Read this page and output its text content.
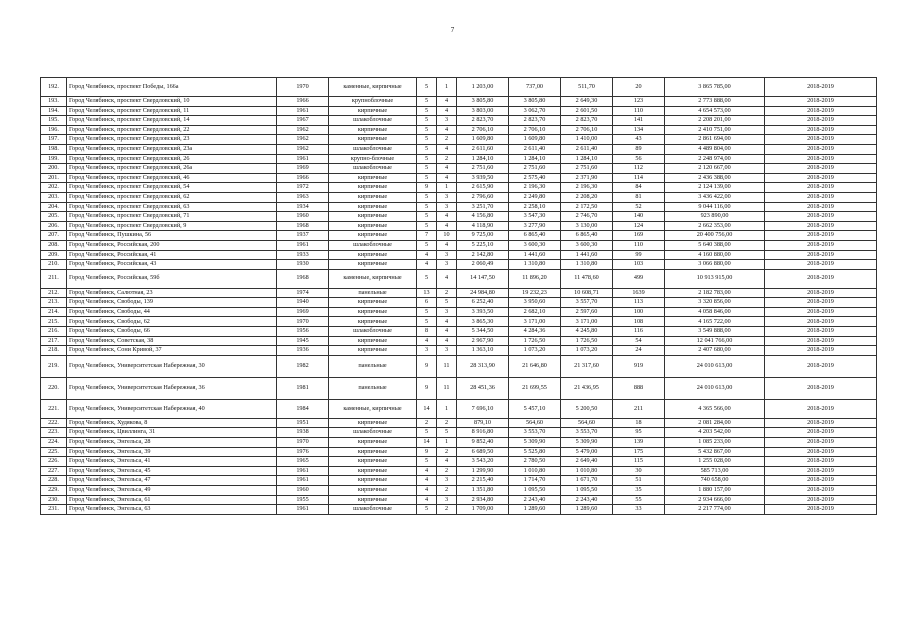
7
192.	Город Челябинск, проспект Победы, 166а	1970	каменные, кирпичные	5	1	1 203,00	737,00	511,70	20	3 865 785,00	2018-2019
193.	Город Челябинск, проспект Свердловский, 10	1966	крупноблочные	5	4	3 805,80	3 805,80	2 649,30	123	2 773 888,00	2018-2019
194.	Город Челябинск, проспект Свердловский, 11	1961	кирпичные	5	4	3 803,00	3 062,70	2 601,50	110	4 654 573,00	2018-2019
195.	Город Челябинск, проспект Свердловский, 14	1967	шлакоблочные	5	3	2 823,70	2 823,70	2 823,70	141	2 208 201,00	2018-2019
196.	Город Челябинск, проспект Свердловский, 22	1962	кирпичные	5	4	2 706,10	2 706,10	2 706,10	134	2 410 751,00	2018-2019
197.	Город Челябинск, проспект Свердловский, 23	1962	кирпичные	5	2	1 609,80	1 609,80	1 410,00	43	2 861 694,00	2018-2019
198.	Город Челябинск, проспект Свердловский, 23а	1962	шлакоблочные	5	4	2 611,60	2 611,40	2 611,40	89	4 489 804,00	2018-2019
199.	Город Челябинск, проспект Свердловский, 26	1961	крупно-блочные	5	2	1 284,10	1 284,10	1 284,10	56	2 248 974,00	2018-2019
200.	Город Челябинск, проспект Свердловский, 26а	1969	шлакоблочные	5	4	2 751,60	2 751,60	2 751,60	112	2 120 667,00	2018-2019
201.	Город Челябинск, проспект Свердловский, 46	1966	кирпичные	5	4	3 939,50	2 575,40	2 371,90	114	2 436 388,00	2018-2019
202.	Город Челябинск, проспект Свердловский, 54	1972	кирпичные	9	1	2 615,90	2 196,30	2 196,30	84	2 124 139,00	2018-2019
203.	Город Челябинск, проспект Свердловский, 62	1963	кирпичные	5	3	2 796,60	2 249,80	2 208,20	81	3 436 422,00	2018-2019
204.	Город Челябинск, проспект Свердловский, 63	1934	кирпичные	5	3	3 251,70	2 258,10	2 172,50	52	9 044 116,00	2018-2019
205.	Город Челябинск, проспект Свердловский, 71	1960	кирпичные	5	4	4 156,80	3 547,30	2 746,70	140	923 890,00	2018-2019
206.	Город Челябинск, проспект Свердловский, 9	1968	кирпичные	5	4	4 118,90	3 277,90	3 130,00	124	2 662 353,00	2018-2019
207.	Город Челябинск, Пушкина, 56	1937	кирпичные	7	10	9 725,00	6 865,40	6 865,40	169	20 400 756,00	2018-2019
208.	Город Челябинск, Российская, 200	1961	шлакоблочные	5	4	5 225,10	3 600,30	3 600,30	110	5 640 388,00	2018-2019
209.	Город Челябинск, Российская, 41	1933	кирпичные	4	3	2 142,80	1 441,60	1 441,60	99	4 160 880,00	2018-2019
210.	Город Челябинск, Российская, 43	1930	кирпичные	4	3	2 060,49	1 310,80	1 310,80	103	3 066 880,00	2018-2019
211.	Город Челябинск, Российская, 59б	1968	каменные, кирпичные	5	4	14 147,50	11 896,20	11 478,60	499	10 913 915,00	2018-2019
212.	Город Челябинск, Салютная, 23	1974	панельные	13	2	24 984,80	19 232,23	10 608,71	1639	2 182 783,00	2018-2019
213.	Город Челябинск, Свободы, 139	1940	кирпичные	6	5	6 252,40	3 950,60	3 557,70	113	3 320 856,00	2018-2019
214.	Город Челябинск, Свободы, 44	1969	кирпичные	5	3	3 393,50	2 682,10	2 597,60	100	4 058 846,00	2018-2019
215.	Город Челябинск, Свободы, 62	1970	кирпичные	5	4	3 865,30	3 171,00	3 171,00	108	4 165 722,00	2018-2019
216.	Город Челябинск, Свободы, 66	1956	шлакоблочные	8	4	5 344,50	4 284,36	4 245,80	116	3 549 888,00	2018-2019
217.	Город Челябинск, Советская, 38	1945	кирпичные	4	4	2 967,90	1 726,50	1 726,50	54	12 041 766,00	2018-2019
218.	Город Челябинск, Сони Кривой, 37	1936	кирпичные	3	3	1 363,10	1 073,20	1 073,20	24	2 407 680,00	2018-2019
219.	Город Челябинск, Университетская Набережная, 30	1982	панельные	9	11	28 313,90	21 646,80	21 317,60	919	24 010 613,00	2018-2019
220.	Город Челябинск, Университетская Набережная, 36	1981	панельные	9	11	28 451,36	21 699,55	21 436,95	888	24 010 613,00	2018-2019
221.	Город Челябинск, Университетская Набережная, 40	1984	каменные, кирпичные	14	1	7 696,10	5 457,10	5 200,50	211	4 365 566,00	2018-2019
222.	Город Челябинск, Худякова, 8	1951	кирпичные	2	2	879,10	564,60	564,60	18	2 081 284,00	2018-2019
223.	Город Челябинск, Цвиллинга, 31	1938	шлакоблочные	5	5	8 916,80	3 553,70	3 553,70	95	4 203 542,00	2018-2019
224.	Город Челябинск, Энгельса, 28	1970	кирпичные	14	1	9 852,40	5 309,90	5 309,90	139	1 085 233,00	2018-2019
225.	Город Челябинск, Энгельса, 39	1976	кирпичные	9	2	6 689,50	5 525,80	5 479,00	175	5 432 867,00	2018-2019
226.	Город Челябинск, Энгельса, 41	1965	кирпичные	5	4	3 543,20	2 780,50	2 649,40	115	1 255 028,00	2018-2019
227.	Город Челябинск, Энгельса, 45	1961	кирпичные	4	2	1 299,90	1 010,80	1 010,80	30	585 713,00	2018-2019
228.	Город Челябинск, Энгельса, 47	1961	кирпичные	4	3	2 215,40	1 714,70	1 671,70	51	740 658,00	2018-2019
229.	Город Челябинск, Энгельса, 49	1960	кирпичные	4	2	1 351,80	1 095,50	1 095,50	35	1 880 157,00	2018-2019
230.	Город Челябинск, Энгельса, 61	1955	кирпичные	4	3	2 934,80	2 243,40	2 243,40	55	2 934 666,00	2018-2019
231.	Город Челябинск, Энгельса, 63	1961	шлакоблочные	5	2	1 709,00	1 289,60	1 289,60	33	2 217 774,00	2018-2019
